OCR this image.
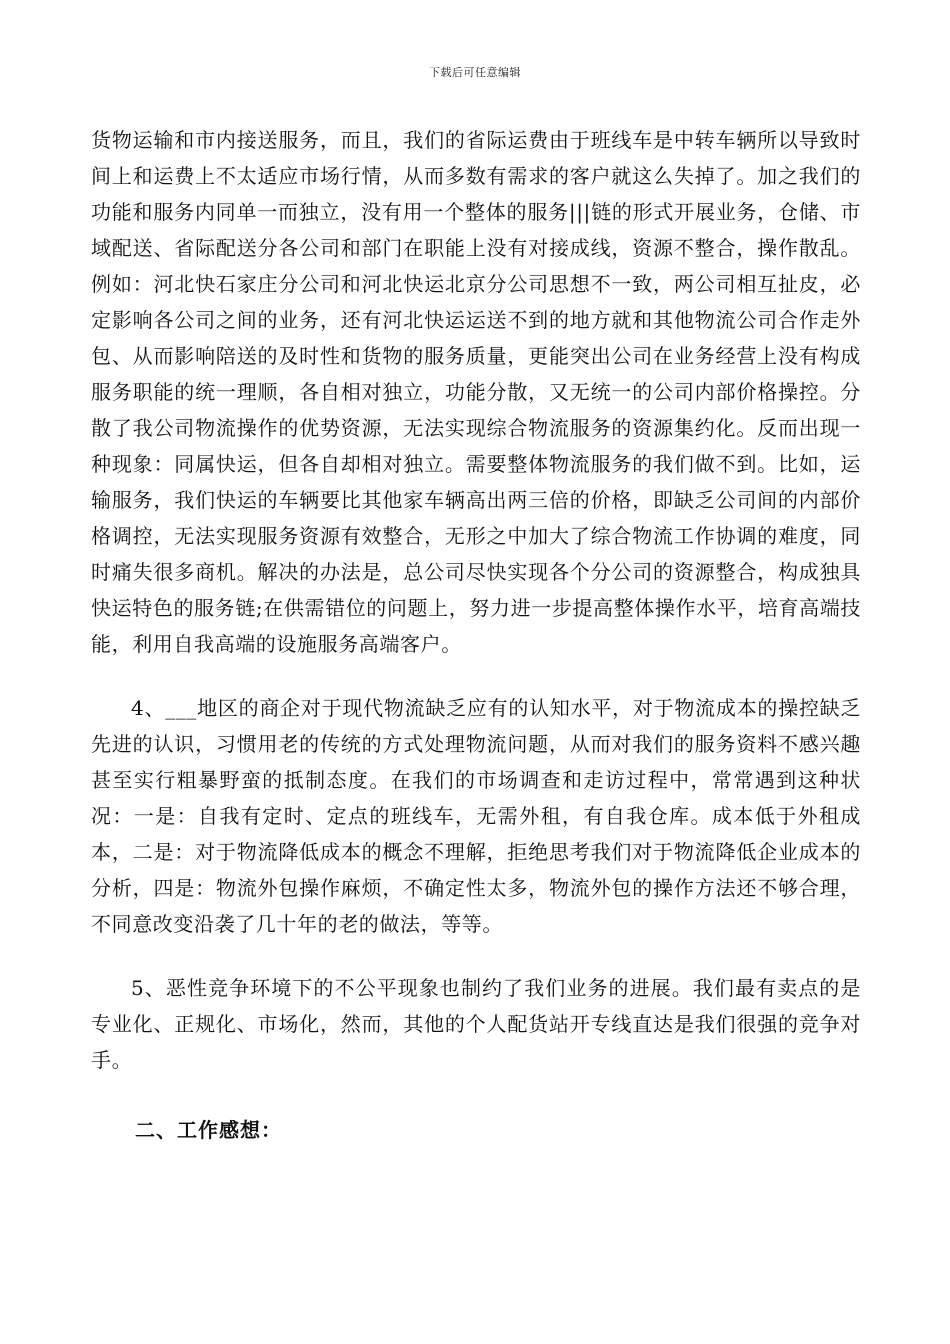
下载后可任意编辑

货物运输和市内接送服务，而且，我们的省际运费由于班线车是中转车辆所以导致时间上和运费上不太适应市场行情，从而多数有需求的客户就这么失掉了。加之我们的功能和服务内同单一而独立，没有用一个整体的服务|||链的形式开展业务，仓储、市域配送、省际配送分各公司和部门在职能上没有对接成线，资源不整合，操作散乱。例如：河北快石家庄分公司和河北快运北京分公司思想不一致，两公司相互扯皮，必定影响各公司之间的业务，还有河北快运运送不到的地方就和其他物流公司合作走外包、从而影响陪送的及时性和货物的服务质量，更能突出公司在业务经营上没有构成服务职能的统一理顺，各自相对独立，功能分散，又无统一的公司内部价格操控。分散了我公司物流操作的优势资源，无法实现综合物流服务的资源集约化。反而出现一种现象：同属快运，但各自却相对独立。需要整体物流服务的我们做不到。比如，运输服务，我们快运的车辆要比其他家车辆高出两三倍的价格，即缺乏公司间的内部价格调控，无法实现服务资源有效整合，无形之中加大了综合物流工作协调的难度，同时痛失很多商机。解决的办法是，总公司尽快实现各个分公司的资源整合，构成独具快运特色的服务链;在供需错位的问题上，努力进一步提高整体操作水平，培育高端技能，利用自我高端的设施服务高端客户。

4、___地区的商企对于现代物流缺乏应有的认知水平，对于物流成本的操控缺乏先进的认识，习惯用老的传统的方式处理物流问题，从而对我们的服务资料不感兴趣甚至实行粗暴野蛮的抵制态度。在我们的市场调查和走访过程中，常常遇到这种状况：一是：自我有定时、定点的班线车，无需外租，有自我仓库。成本低于外租成本，二是：对于物流降低成本的概念不理解，拒绝思考我们对于物流降低企业成本的分析，四是：物流外包操作麻烦，不确定性太多，物流外包的操作方法还不够合理，不同意改变沿袭了几十年的老的做法，等等。

5、恶性竞争环境下的不公平现象也制约了我们业务的进展。我们最有卖点的是专业化、正规化、市场化，然而，其他的个人配货站开专线直达是我们很强的竞争对手。

二、工作感想：
